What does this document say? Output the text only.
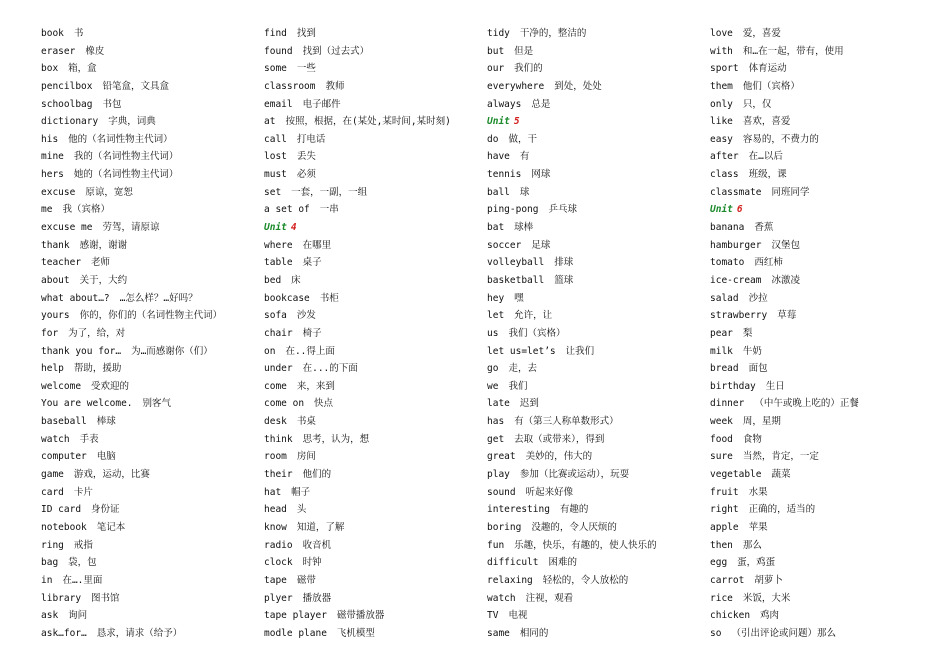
book 书
eraser 橡皮
box 箱，盒
pencilbox 铅笔盒，文具盒
schoolbag 书包
dictionary 字典，词典
his 他的（名词性物主代词）
mine 我的（名词性物主代词）
hers 她的（名词性物主代词）
excuse 原谅，宽恕
me 我（宾格）
excuse me 劳驾，请原谅
thank 感谢，谢谢
teacher 老师
about 关于，大约
what about…? …怎么样？…好吗？
yours 你的，你们的（名词性物主代词）
for 为了，给，对
thank you for… 为…而感谢你（们）
help 帮助，援助
welcome 受欢迎的
You are welcome. 别客气
baseball 棒球
watch 手表
computer 电脑
game 游戏，运动，比赛
card 卡片
ID card 身份证
notebook 笔记本
ring 戒指
bag 袋，包
in 在….里面
library 图书馆
ask 询问
ask…for… 恳求，请求（给予）
find 找到
found 找到（过去式）
some 一些
classroom 教师
email 电子邮件
at 按照，根据，在(某处,某时间,某时刻)
call 打电话
lost 丢失
must 必须
set 一套，一副，一组
a set of 一串
Unit 4
where 在哪里
table 桌子
bed 床
bookcase 书柜
sofa 沙发
chair 椅子
on 在..得上面
under 在...的下面
come 来，来到
come on 快点
desk 书桌
think 思考，认为，想
room 房间
their 他们的
hat 帽子
head 头
know 知道，了解
radio 收音机
clock 时钟
tape 磁带
plyer 播放器
tape player 磁带播放器
modle plane 飞机模型
tidy 干净的，整洁的
but 但是
our 我们的
everywhere 到处，处处
always 总是
Unit 5
do 做，干
have 有
tennis 网球
ball 球
ping-pong 乒乓球
bat 球棒
soccer 足球
volleyball 排球
basketball 篮球
hey 嘿
let 允许，让
us 我们（宾格）
let us=let’s 让我们
go 走，去
we 我们
late 迟到
has 有（第三人称单数形式）
get 去取（或带来），得到
great 美妙的，伟大的
play 参加（比赛或运动），玩耍
sound 听起来好像
interesting 有趣的
boring 没趣的，令人厌烦的
fun 乐趣，快乐，有趣的，使人快乐的
difficult 困难的
relaxing 轻松的，令人放松的
watch 注视，观看
TV 电视
same 相同的
love 爱，喜爱
with 和…在一起，带有，使用
sport 体育运动
them 他们（宾格）
only 只，仅
like 喜欢，喜爱
easy 容易的，不费力的
after 在…以后
class 班级，课
classmate 同班同学
Unit 6
banana 香蕉
hamburger 汉堡包
tomato 西红柿
ice-cream 冰激凌
salad 沙拉
strawberry 草莓
pear 梨
milk 牛奶
bread 面包
birthday 生日
dinner （中午或晚上吃的）正餐
week 周，星期
food 食物
sure 当然，肯定，一定
vegetable 蔬菜
fruit 水果
right 正确的，适当的
apple 苹果
then 那么
egg 蛋，鸡蛋
carrot 胡萝卜
rice 米饭，大米
chicken 鸡肉
so （引出评论或问题）那么
